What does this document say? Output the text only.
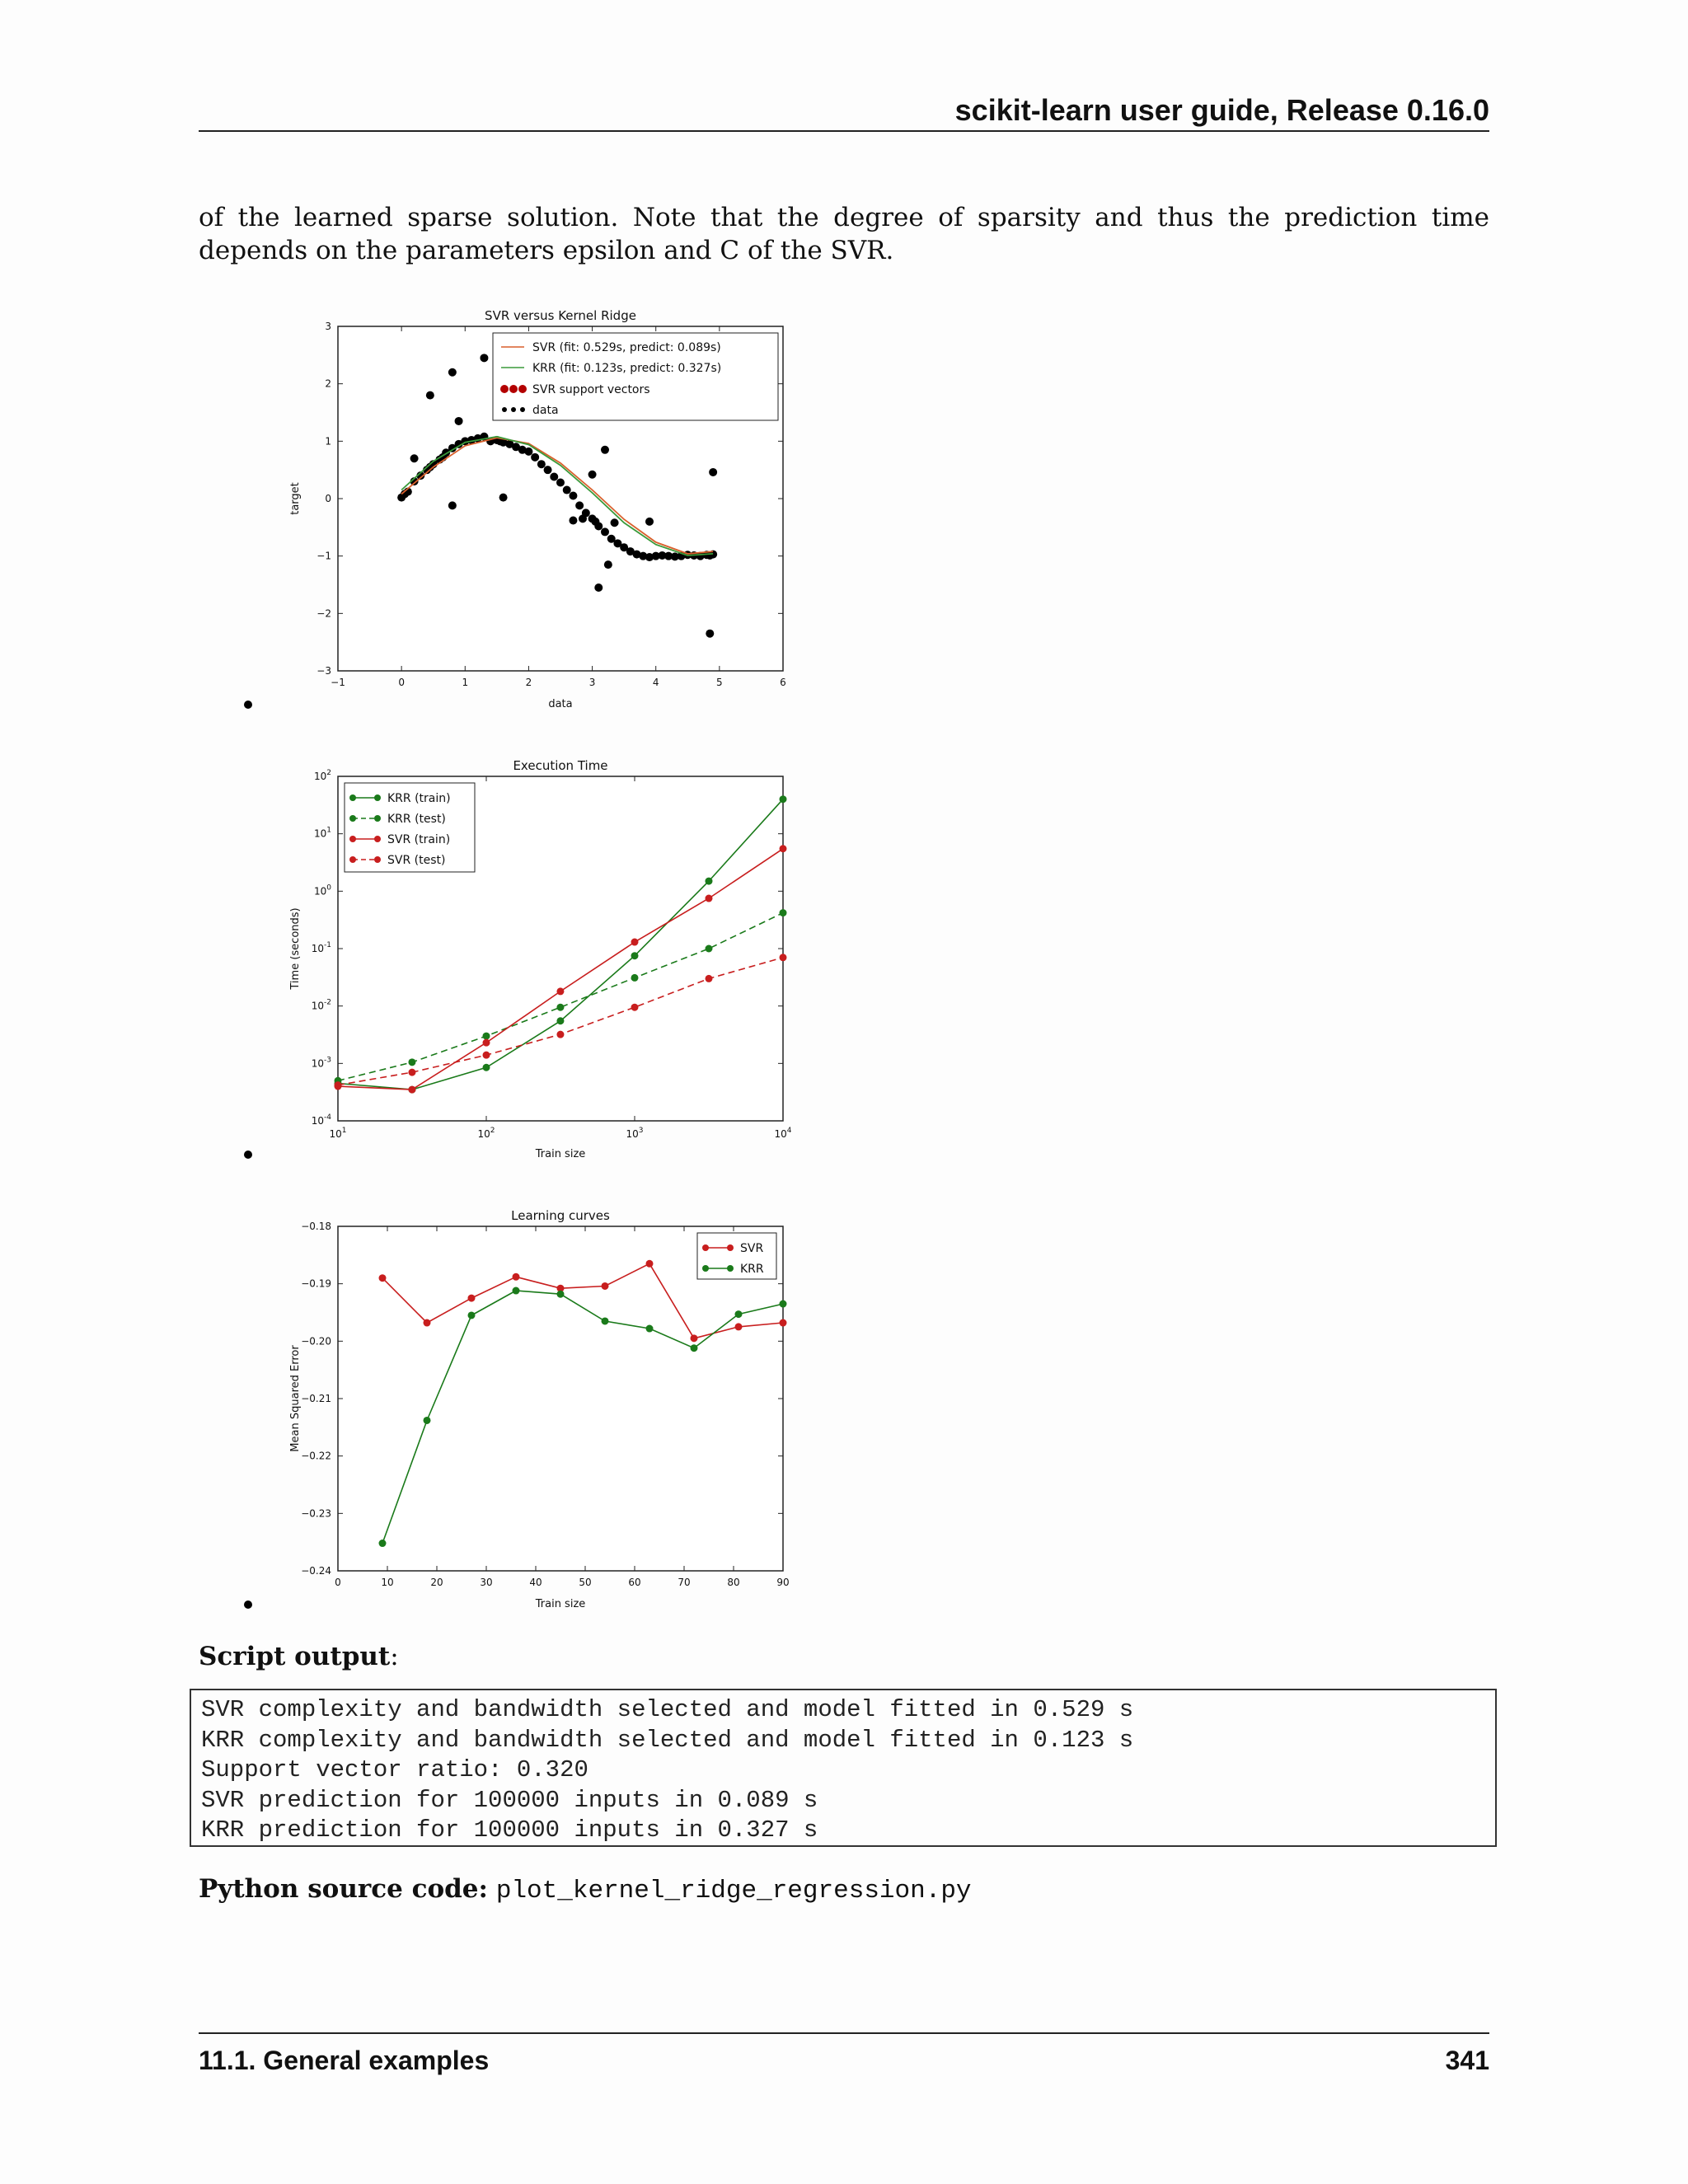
scikit-learn user guide, Release 0.16.0

of the learned sparse solution. Note that the degree of sparsity and thus the prediction time depends on the parameters epsilon and C of the SVR.

SVR versus Kernel Ridge
data
target
−1	0	1	2	3	4	5	6
3
2
1
0
−1
−2
−3
SVR (fit: 0.529s, predict: 0.089s)
KRR (fit: 0.123s, predict: 0.327s)
SVR support vectors
data
Execution Time
Train size
Time (seconds)
$10^1$	$10^2$	$10^3$	$10^4$
$10^2$
$10^1$
$10^0$
$10^{-1}$
$10^{-2}$
$10^{-3}$
$10^{-4}$
KRR (train)
KRR (test)
SVR (train)
SVR (test)
Learning curves
Train size
Mean Squared Error
0	10	20	30	40	50	60	70	80	90
−0.18
−0.19
−0.20
−0.21
−0.22
−0.23
−0.24
SVR
KRR

Script output:

SVR complexity and bandwidth selected and model fitted in 0.529 s
KRR complexity and bandwidth selected and model fitted in 0.123 s
Support vector ratio: 0.320
SVR prediction for 100000 inputs in 0.089 s
KRR prediction for 100000 inputs in 0.327 s

Python source code: plot_kernel_ridge_regression.py

11.1. General examples	341
